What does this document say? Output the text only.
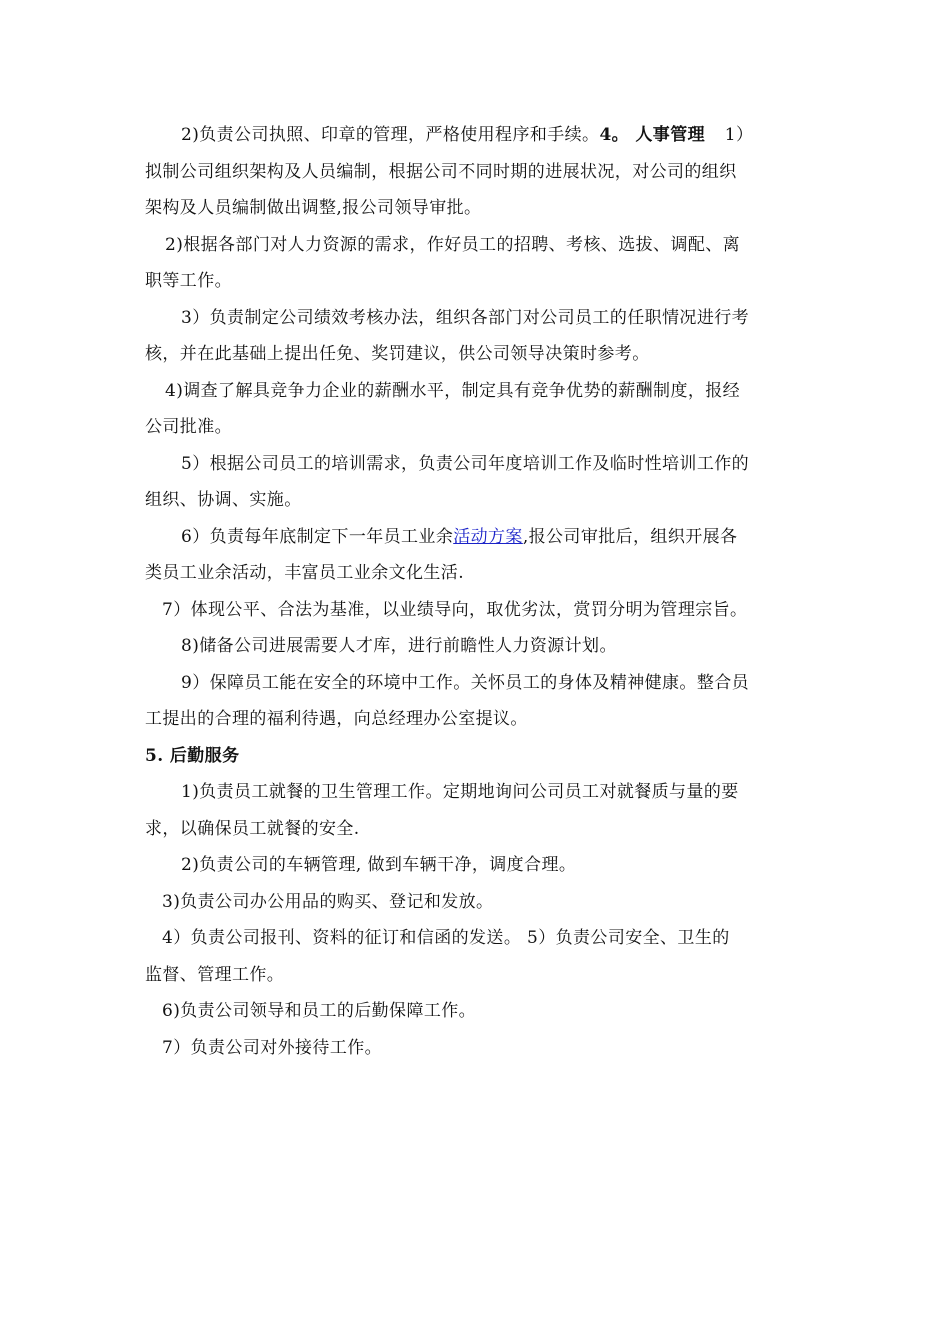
2)负责公司执照、印章的管理，严格使用程序和手续。4。 人事管理 1）
拟制公司组织架构及人员编制，根据公司不同时期的进展状况，对公司的组织
架构及人员编制做出调整,报公司领导审批。
2)根据各部门对人力资源的需求，作好员工的招聘、考核、选拔、调配、离
职等工作。
3）负责制定公司绩效考核办法，组织各部门对公司员工的任职情况进行考
核，并在此基础上提出任免、奖罚建议，供公司领导决策时参考。
4)调查了解具竞争力企业的薪酬水平，制定具有竞争优势的薪酬制度，报经
公司批准。
5）根据公司员工的培训需求，负责公司年度培训工作及临时性培训工作的
组织、协调、实施。
6）负责每年底制定下一年员工业余活动方案,报公司审批后，组织开展各
类员工业余活动，丰富员工业余文化生活.
7）体现公平、合法为基准，以业绩导向，取优劣汰，赏罚分明为管理宗旨。
8)储备公司进展需要人才库，进行前瞻性人力资源计划。
9）保障员工能在安全的环境中工作。关怀员工的身体及精神健康。整合员
工提出的合理的福利待遇，向总经理办公室提议。
5. 后勤服务
1)负责员工就餐的卫生管理工作。定期地询问公司员工对就餐质与量的要
求，以确保员工就餐的安全.
2)负责公司的车辆管理, 做到车辆干净，调度合理。
3)负责公司办公用品的购买、登记和发放。
4）负责公司报刊、资料的征订和信函的发送。 5）负责公司安全、卫生的
监督、管理工作。
6)负责公司领导和员工的后勤保障工作。
7）负责公司对外接待工作。
